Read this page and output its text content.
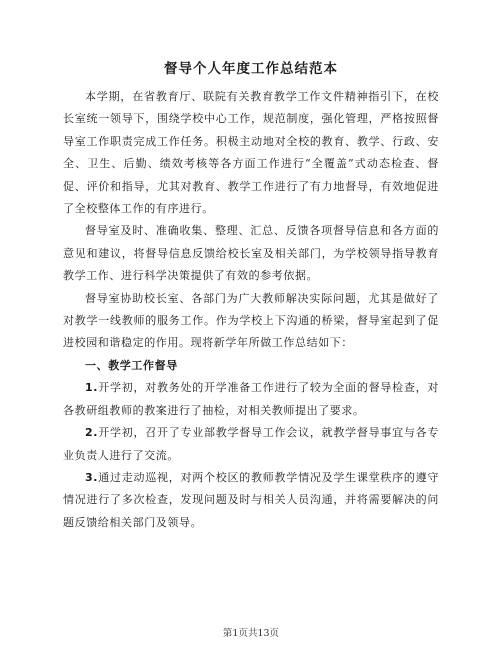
督导个人年度工作总结范本

本学期，在省教育厅、联院有关教育教学工作文件精神指引下，在校长室统一领导下，围绕学校中心工作，规范制度，强化管理，严格按照督导室工作职责完成工作任务。积极主动地对全校的教育、教学、行政、安全、卫生、后勤、绩效考核等各方面工作进行“全覆盖”式动态检查、督促、评价和指导，尤其对教育、教学工作进行了有力地督导，有效地促进了全校整体工作的有序进行。

督导室及时、准确收集、整理、汇总、反馈各项督导信息和各方面的意见和建议，将督导信息反馈给校长室及相关部门，为学校领导指导教育教学工作、进行科学决策提供了有效的参考依据。

督导室协助校长室、各部门为广大教师解决实际问题，尤其是做好了对教学一线教师的服务工作。作为学校上下沟通的桥梁，督导室起到了促进校园和谐稳定的作用。现将新学年所做工作总结如下：

一、教学工作督导

1.开学初，对教务处的开学准备工作进行了较为全面的督导检查，对各教研组教师的教案进行了抽检，对相关教师提出了要求。

2.开学初，召开了专业部教学督导工作会议，就教学督导事宜与各专业负责人进行了交流。

3.通过走动巡视，对两个校区的教师教学情况及学生课堂秩序的遵守情况进行了多次检查，发现问题及时与相关人员沟通，并将需要解决的问题反馈给相关部门及领导。

第1页共13页
